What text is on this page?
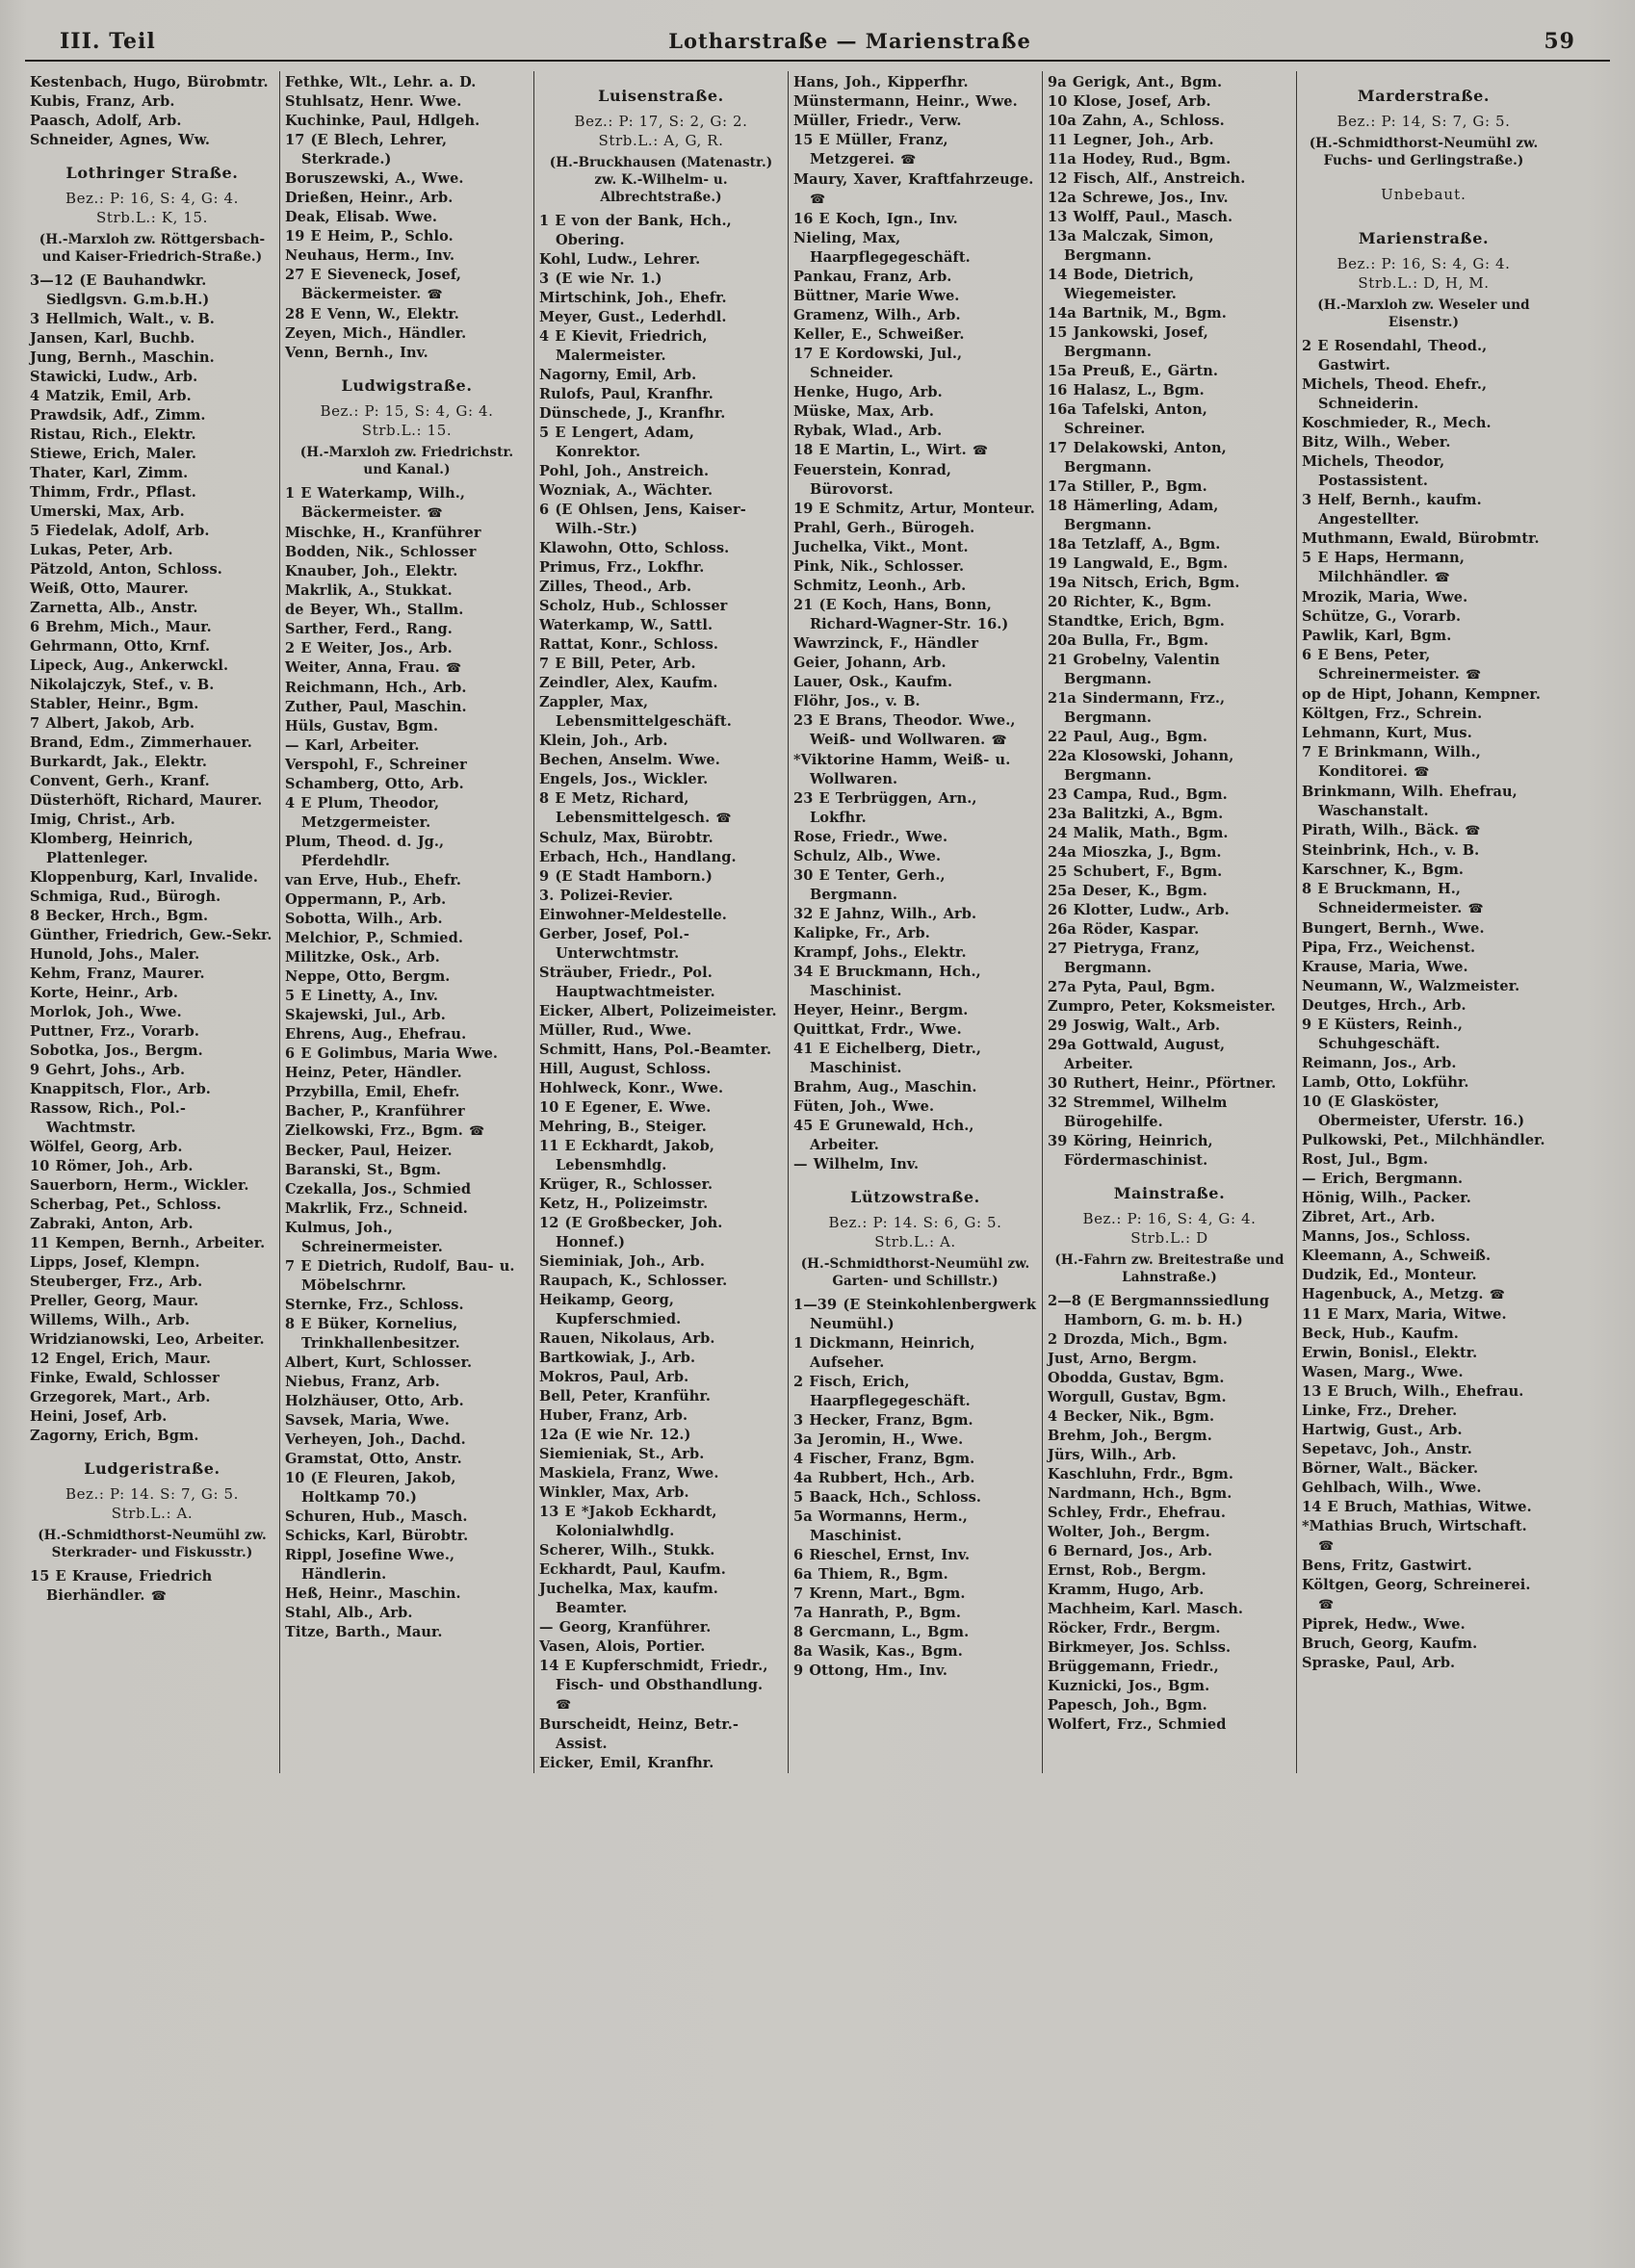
III. Teil	Lotharstraße — Marienstraße	59
Kestenbach, Hugo, Bürobmtr.
Kubis, Franz, Arb.
Paasch, Adolf, Arb.
Schneider, Agnes, Ww.
Lothringer Straße.
Bez.: P: 16, S: 4, G: 4.
Strb.L.: K, 15.
(H.-Marxloh zw. Röttgersbach- und Kaiser-Friedrich-Straße.)
3—12 (E Bauhandwkr. Siedlgsvn. G.m.b.H.)
3 Hellmich, Walt., v. B.
Jansen, Karl, Buchb.
Jung, Bernh., Maschin.
Stawicki, Ludw., Arb.
4 Matzik, Emil, Arb.
Prawdsik, Adf., Zimm.
Ristau, Rich., Elektr.
Stiewe, Erich, Maler.
Thater, Karl, Zimm.
Thimm, Frdr., Pflast.
Umerski, Max, Arb.
5 Fiedelak, Adolf, Arb.
Lukas, Peter, Arb.
Pätzold, Anton, Schloss.
Weiß, Otto, Maurer.
Zarnetta, Alb., Anstr.
6 Brehm, Mich., Maur.
Gehrmann, Otto, Krnf.
Lipeck, Aug., Ankerwckl.
Nikolajczyk, Stef., v. B.
Stabler, Heinr., Bgm.
7 Albert, Jakob, Arb.
Brand, Edm., Zimmerhauer.
Burkardt, Jak., Elektr.
Convent, Gerh., Kranf.
Düsterhöft, Richard, Maurer.
Imig, Christ., Arb.
Klomberg, Heinrich, Plattenleger.
Kloppenburg, Karl, Invalide.
Schmiga, Rud., Bürogh.
8 Becker, Hrch., Bgm.
Günther, Friedrich, Gew.-Sekr.
Hunold, Johs., Maler.
Kehm, Franz, Maurer.
Korte, Heinr., Arb.
Morlok, Joh., Wwe.
Puttner, Frz., Vorarb.
Sobotka, Jos., Bergm.
9 Gehrt, Johs., Arb.
Knappitsch, Flor., Arb.
Rassow, Rich., Pol.-Wachtmstr.
Wölfel, Georg, Arb.
10 Römer, Joh., Arb.
Sauerborn, Herm., Wickler.
Scherbag, Pet., Schloss.
Zabraki, Anton, Arb.
11 Kempen, Bernh., Arbeiter.
Lipps, Josef, Klempn.
Steuberger, Frz., Arb.
Preller, Georg, Maur.
Willems, Wilh., Arb.
Wridzianowski, Leo, Arbeiter.
12 Engel, Erich, Maur.
Finke, Ewald, Schlosser
Grzegorek, Mart., Arb.
Heini, Josef, Arb.
Zagorny, Erich, Bgm.
Ludgeristraße.
Bez.: P: 14. S: 7, G: 5.
Strb.L.: A.
(H.-Schmidthorst-Neumühl zw. Sterkrader- und Fiskusstr.)
15 E Krause, Friedrich Bierhändler. ☎
Fethke, Wlt., Lehr. a. D.
Stuhlsatz, Henr. Wwe.
Kuchinke, Paul, Hdlgeh.
17 (E Blech, Lehrer, Sterkrade.)
Boruszewski, A., Wwe.
Drießen, Heinr., Arb.
Deak, Elisab. Wwe.
19 E Heim, P., Schlo.
Neuhaus, Herm., Inv.
27 E Sieveneck, Josef, Bäckermeister. ☎
28 E Venn, W., Elektr.
Zeyen, Mich., Händler.
Venn, Bernh., Inv.
Ludwigstraße.
Bez.: P: 15, S: 4, G: 4.
Strb.L.: 15.
(H.-Marxloh zw. Friedrichstr. und Kanal.)
1 E Waterkamp, Wilh., Bäckermeister. ☎
Mischke, H., Kranführer
Bodden, Nik., Schlosser
Knauber, Joh., Elektr.
Makrlik, A., Stukkat.
de Beyer, Wh., Stallm.
Sarther, Ferd., Rang.
2 E Weiter, Jos., Arb.
Weiter, Anna, Frau. ☎
Reichmann, Hch., Arb.
Zuther, Paul, Maschin.
Hüls, Gustav, Bgm.
— Karl, Arbeiter.
Verspohl, F., Schreiner
Schamberg, Otto, Arb.
4 E Plum, Theodor, Metzgermeister.
Plum, Theod. d. Jg., Pferdehdlr.
van Erve, Hub., Ehefr.
Oppermann, P., Arb.
Sobotta, Wilh., Arb.
Melchior, P., Schmied.
Militzke, Osk., Arb.
Neppe, Otto, Bergm.
5 E Linetty, A., Inv.
Skajewski, Jul., Arb.
Ehrens, Aug., Ehefrau.
6 E Golimbus, Maria Wwe.
Heinz, Peter, Händler.
Przybilla, Emil, Ehefr.
Bacher, P., Kranführer
Zielkowski, Frz., Bgm. ☎
Becker, Paul, Heizer.
Baranski, St., Bgm.
Czekalla, Jos., Schmied
Makrlik, Frz., Schneid.
Kulmus, Joh., Schreinermeister.
7 E Dietrich, Rudolf, Bau- u. Möbelschrnr.
Sternke, Frz., Schloss.
8 E Büker, Kornelius, Trinkhallenbesitzer.
Albert, Kurt, Schlosser.
Niebus, Franz, Arb.
Holzhäuser, Otto, Arb.
Savsek, Maria, Wwe.
Verheyen, Joh., Dachd.
Gramstat, Otto, Anstr.
10 (E Fleuren, Jakob, Holtkamp 70.)
Schuren, Hub., Masch.
Schicks, Karl, Bürobtr.
Rippl, Josefine Wwe., Händlerin.
Heß, Heinr., Maschin.
Stahl, Alb., Arb.
Titze, Barth., Maur.
Luisenstraße.
Bez.: P: 17, S: 2, G: 2.
Strb.L.: A, G, R.
(H.-Bruckhausen (Matenastr.) zw. K.-Wilhelm- u. Albrechtstraße.)
1 E von der Bank, Hch., Obering.
Kohl, Ludw., Lehrer.
3 (E wie Nr. 1.)
Mirtschink, Joh., Ehefr.
Meyer, Gust., Lederhdl.
4 E Kievit, Friedrich, Malermeister.
Nagorny, Emil, Arb.
Rulofs, Paul, Kranfhr.
Dünschede, J., Kranfhr.
5 E Lengert, Adam, Konrektor.
Pohl, Joh., Anstreich.
Wozniak, A., Wächter.
6 (E Ohlsen, Jens, Kaiser-Wilh.-Str.)
Klawohn, Otto, Schloss.
Primus, Frz., Lokfhr.
Zilles, Theod., Arb.
Scholz, Hub., Schlosser
Waterkamp, W., Sattl.
Rattat, Konr., Schloss.
7 E Bill, Peter, Arb.
Zeindler, Alex, Kaufm.
Zappler, Max, Lebensmittelgeschäft.
Klein, Joh., Arb.
Bechen, Anselm. Wwe.
Engels, Jos., Wickler.
8 E Metz, Richard, Lebensmittelgesch. ☎
Schulz, Max, Bürobtr.
Erbach, Hch., Handlang.
9 (E Stadt Hamborn.)
3. Polizei-Revier.
Einwohner-Meldestelle.
Gerber, Josef, Pol.-Unterwchtmstr.
Sträuber, Friedr., Pol. Hauptwachtmeister.
Eicker, Albert, Polizeimeister.
Müller, Rud., Wwe.
Schmitt, Hans, Pol.-Beamter.
Hill, August, Schloss.
Hohlweck, Konr., Wwe.
10 E Egener, E. Wwe.
Mehring, B., Steiger.
11 E Eckhardt, Jakob, Lebensmhdlg.
Krüger, R., Schlosser.
Ketz, H., Polizeimstr.
12 (E Großbecker, Joh. Honnef.)
Sieminiak, Joh., Arb.
Raupach, K., Schlosser.
Heikamp, Georg, Kupferschmied.
Rauen, Nikolaus, Arb.
Bartkowiak, J., Arb.
Mokros, Paul, Arb.
Bell, Peter, Kranführ.
Huber, Franz, Arb.
12a (E wie Nr. 12.)
Siemieniak, St., Arb.
Maskiela, Franz, Wwe.
Winkler, Max, Arb.
13 E *Jakob Eckhardt, Kolonialwhdlg.
Scherer, Wilh., Stukk.
Eckhardt, Paul, Kaufm.
Juchelka, Max, kaufm. Beamter.
— Georg, Kranführer.
Vasen, Alois, Portier.
14 E Kupferschmidt, Friedr., Fisch- und Obsthandlung. ☎
Burscheidt, Heinz, Betr.-Assist.
Eicker, Emil, Kranfhr.
Hans, Joh., Kipperfhr.
Münstermann, Heinr., Wwe.
Müller, Friedr., Verw.
15 E Müller, Franz, Metzgerei. ☎
Maury, Xaver, Kraftfahrzeuge. ☎
16 E Koch, Ign., Inv.
Nieling, Max, Haarpflegegeschäft.
Pankau, Franz, Arb.
Büttner, Marie Wwe.
Gramenz, Wilh., Arb.
Keller, E., Schweißer.
17 E Kordowski, Jul., Schneider.
Henke, Hugo, Arb.
Müske, Max, Arb.
Rybak, Wlad., Arb.
18 E Martin, L., Wirt. ☎
Feuerstein, Konrad, Bürovorst.
19 E Schmitz, Artur, Monteur.
Prahl, Gerh., Bürogeh.
Juchelka, Vikt., Mont.
Pink, Nik., Schlosser.
Schmitz, Leonh., Arb.
21 (E Koch, Hans, Bonn, Richard-Wagner-Str. 16.)
Wawrzinck, F., Händler
Geier, Johann, Arb.
Lauer, Osk., Kaufm.
Flöhr, Jos., v. B.
23 E Brans, Theodor. Wwe., Weiß- und Wollwaren. ☎
*Viktorine Hamm, Weiß- u. Wollwaren.
23 E Terbrüggen, Arn., Lokfhr.
Rose, Friedr., Wwe.
Schulz, Alb., Wwe.
30 E Tenter, Gerh., Bergmann.
32 E Jahnz, Wilh., Arb.
Kalipke, Fr., Arb.
Krampf, Johs., Elektr.
34 E Bruckmann, Hch., Maschinist.
Heyer, Heinr., Bergm.
Quittkat, Frdr., Wwe.
41 E Eichelberg, Dietr., Maschinist.
Brahm, Aug., Maschin.
Füten, Joh., Wwe.
45 E Grunewald, Hch., Arbeiter.
— Wilhelm, Inv.
Lützowstraße.
Bez.: P: 14. S: 6, G: 5.
Strb.L.: A.
(H.-Schmidthorst-Neumühl zw. Garten- und Schillstr.)
1—39 (E Steinkohlenbergwerk Neumühl.)
1 Dickmann, Heinrich, Aufseher.
2 Fisch, Erich, Haarpflegegeschäft.
3 Hecker, Franz, Bgm.
3a Jeromin, H., Wwe.
4 Fischer, Franz, Bgm.
4a Rubbert, Hch., Arb.
5 Baack, Hch., Schloss.
5a Wormanns, Herm., Maschinist.
6 Rieschel, Ernst, Inv.
6a Thiem, R., Bgm.
7 Krenn, Mart., Bgm.
7a Hanrath, P., Bgm.
8 Gercmann, L., Bgm.
8a Wasik, Kas., Bgm.
9 Ottong, Hm., Inv.
9a Gerigk, Ant., Bgm.
10 Klose, Josef, Arb.
10a Zahn, A., Schloss.
11 Legner, Joh., Arb.
11a Hodey, Rud., Bgm.
12 Fisch, Alf., Anstreich.
12a Schrewe, Jos., Inv.
13 Wolff, Paul., Masch.
13a Malczak, Simon, Bergmann.
14 Bode, Dietrich, Wiegemeister.
14a Bartnik, M., Bgm.
15 Jankowski, Josef, Bergmann.
15a Preuß, E., Gärtn.
16 Halasz, L., Bgm.
16a Tafelski, Anton, Schreiner.
17 Delakowski, Anton, Bergmann.
17a Stiller, P., Bgm.
18 Hämerling, Adam, Bergmann.
18a Tetzlaff, A., Bgm.
19 Langwald, E., Bgm.
19a Nitsch, Erich, Bgm.
20 Richter, K., Bgm.
Standtke, Erich, Bgm.
20a Bulla, Fr., Bgm.
21 Grobelny, Valentin Bergmann.
21a Sindermann, Frz., Bergmann.
22 Paul, Aug., Bgm.
22a Klosowski, Johann, Bergmann.
23 Campa, Rud., Bgm.
23a Balitzki, A., Bgm.
24 Malik, Math., Bgm.
24a Mioszka, J., Bgm.
25 Schubert, F., Bgm.
25a Deser, K., Bgm.
26 Klotter, Ludw., Arb.
26a Röder, Kaspar.
27 Pietryga, Franz, Bergmann.
27a Pyta, Paul, Bgm.
Zumpro, Peter, Koksmeister.
29 Joswig, Walt., Arb.
29a Gottwald, August, Arbeiter.
30 Ruthert, Heinr., Pförtner.
32 Stremmel, Wilhelm Bürogehilfe.
39 Köring, Heinrich, Fördermaschinist.
Mainstraße.
Bez.: P: 16, S: 4, G: 4.
Strb.L.: D
(H.-Fahrn zw. Breitestraße und Lahnstraße.)
2—8 (E Bergmannssiedlung Hamborn, G. m. b. H.)
2 Drozda, Mich., Bgm.
Just, Arno, Bergm.
Obodda, Gustav, Bgm.
Worgull, Gustav, Bgm.
4 Becker, Nik., Bgm.
Brehm, Joh., Bergm.
Jürs, Wilh., Arb.
Kaschluhn, Frdr., Bgm.
Nardmann, Hch., Bgm.
Schley, Frdr., Ehefrau.
Wolter, Joh., Bergm.
6 Bernard, Jos., Arb.
Ernst, Rob., Bergm.
Kramm, Hugo, Arb.
Machheim, Karl. Masch.
Röcker, Frdr., Bergm.
Birkmeyer, Jos. Schlss.
Brüggemann, Friedr.,
Kuznicki, Jos., Bgm.
Papesch, Joh., Bgm.
Wolfert, Frz., Schmied
Marderstraße.
Bez.: P: 14, S: 7, G: 5.
(H.-Schmidthorst-Neumühl zw. Fuchs- und Gerlingstraße.)
Unbebaut.
Marienstraße.
Bez.: P: 16, S: 4, G: 4.
Strb.L.: D, H, M.
(H.-Marxloh zw. Weseler und Eisenstr.)
2 E Rosendahl, Theod., Gastwirt.
Michels, Theod. Ehefr., Schneiderin.
Koschmieder, R., Mech.
Bitz, Wilh., Weber.
Michels, Theodor, Postassistent.
3 Helf, Bernh., kaufm. Angestellter.
Muthmann, Ewald, Bürobmtr.
5 E Haps, Hermann, Milchhändler. ☎
Mrozik, Maria, Wwe.
Schütze, G., Vorarb.
Pawlik, Karl, Bgm.
6 E Bens, Peter, Schreinermeister. ☎
op de Hipt, Johann, Kempner.
Költgen, Frz., Schrein.
Lehmann, Kurt, Mus.
7 E Brinkmann, Wilh., Konditorei. ☎
Brinkmann, Wilh. Ehefrau, Waschanstalt.
Pirath, Wilh., Bäck. ☎
Steinbrink, Hch., v. B.
Karschner, K., Bgm.
8 E Bruckmann, H., Schneidermeister. ☎
Bungert, Bernh., Wwe.
Pipa, Frz., Weichenst.
Krause, Maria, Wwe.
Neumann, W., Walzmeister.
Deutges, Hrch., Arb.
9 E Küsters, Reinh., Schuhgeschäft.
Reimann, Jos., Arb.
Lamb, Otto, Lokführ.
10 (E Glasköster, Obermeister, Uferstr. 16.)
Pulkowski, Pet., Milchhändler.
Rost, Jul., Bgm.
— Erich, Bergmann.
Hönig, Wilh., Packer.
Zibret, Art., Arb.
Manns, Jos., Schloss.
Kleemann, A., Schweiß.
Dudzik, Ed., Monteur.
Hagenbuck, A., Metzg. ☎
11 E Marx, Maria, Witwe.
Beck, Hub., Kaufm.
Erwin, Bonisl., Elektr.
Wasen, Marg., Wwe.
13 E Bruch, Wilh., Ehefrau.
Linke, Frz., Dreher.
Hartwig, Gust., Arb.
Sepetavc, Joh., Anstr.
Börner, Walt., Bäcker.
Gehlbach, Wilh., Wwe.
14 E Bruch, Mathias, Witwe.
*Mathias Bruch, Wirtschaft. ☎
Bens, Fritz, Gastwirt.
Költgen, Georg, Schreinerei. ☎
Piprek, Hedw., Wwe.
Bruch, Georg, Kaufm.
Spraske, Paul, Arb.
